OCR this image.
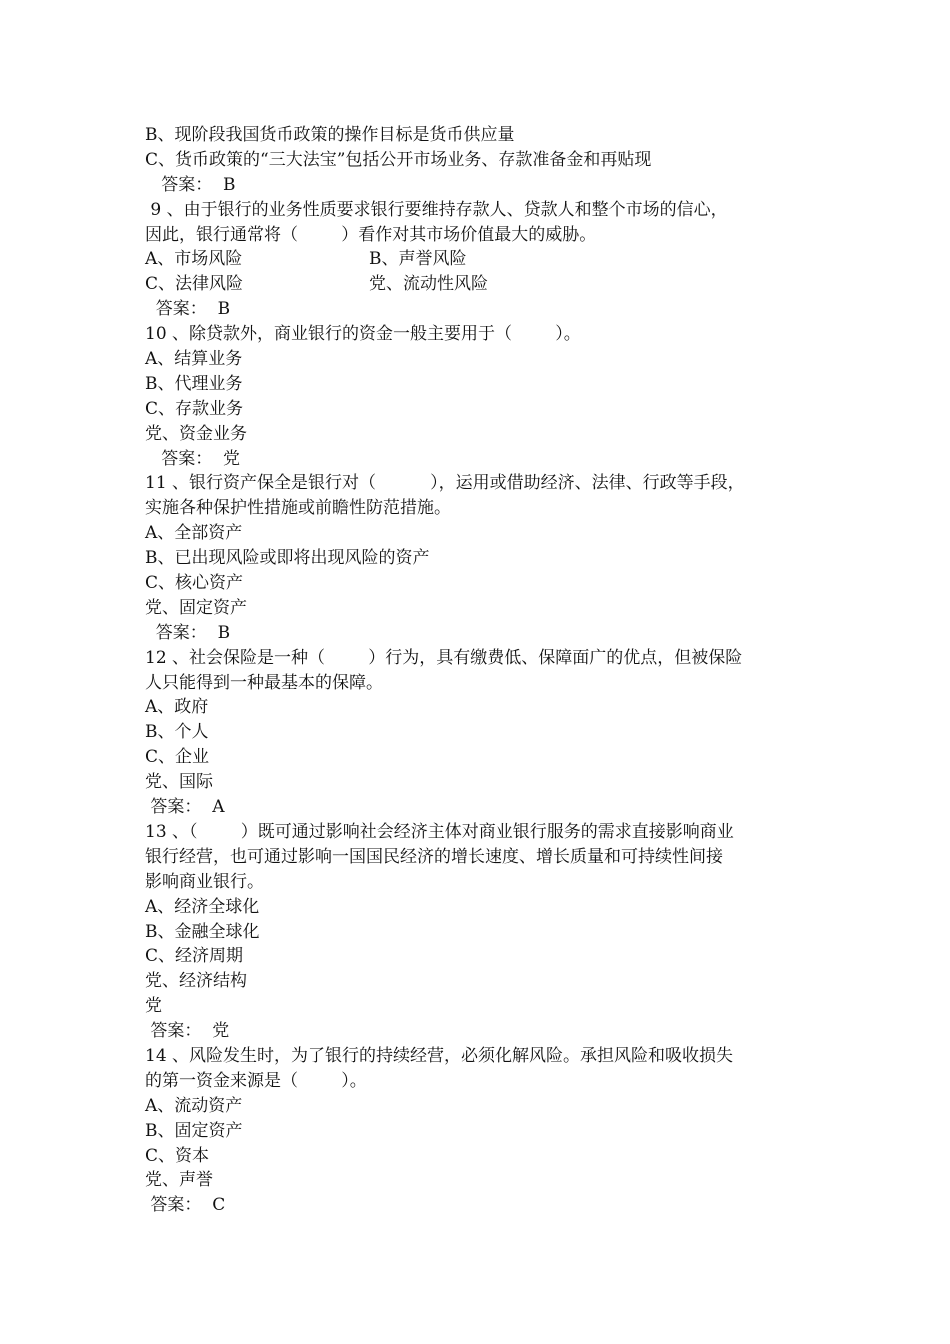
B、现阶段我国货币政策的操作目标是货币供应量
C、货币政策的“三大法宝”包括公开市场业务、存款准备金和再贴现
答案：  B
9 、由于银行的业务性质要求银行要维持存款人、贷款人和整个市场的信心，
因此，银行通常将（        ）看作对其市场价值最大的威胁。
A、市场风险	B、声誉风险
C、法律风险	党、流动性风险
答案：  B
10 、除贷款外，商业银行的资金一般主要用于（        ）。
A、结算业务
B、代理业务
C、存款业务
党、资金业务
答案：  党
11 、银行资产保全是银行对（          ），运用或借助经济、法律、行政等手段，
实施各种保护性措施或前瞻性防范措施。
A、全部资产
B、已出现风险或即将出现风险的资产
C、核心资产
党、固定资产
答案：  B
12 、社会保险是一种（        ）行为，具有缴费低、保障面广的优点，但被保险
人只能得到一种最基本的保障。
A、政府
B、个人
C、企业
党、国际
答案：  A
13 、（        ）既可通过影响社会经济主体对商业银行服务的需求直接影响商业
银行经营，也可通过影响一国国民经济的增长速度、增长质量和可持续性间接
影响商业银行。
A、经济全球化
B、金融全球化
C、经济周期
党、经济结构
党
答案：  党
14 、风险发生时，为了银行的持续经营，必须化解风险。承担风险和吸收损失
的第一资金来源是（        ）。
A、流动资产
B、固定资产
C、资本
党、声誉
答案：  C
